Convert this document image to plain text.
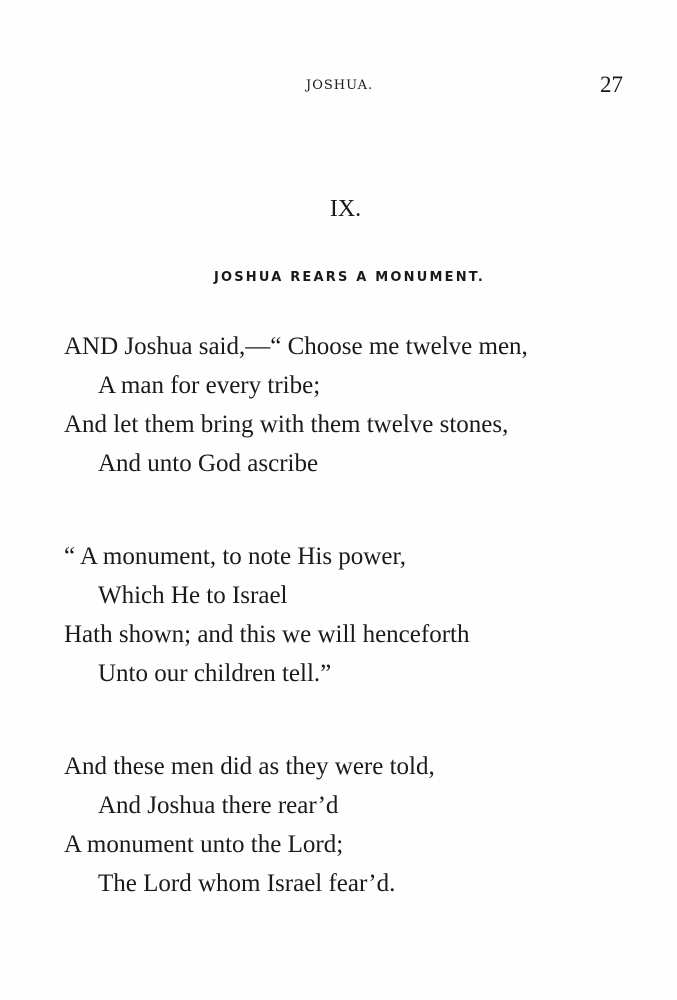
JOSHUA.	27
IX.
JOSHUA REARS A MONUMENT.
AND Joshua said,—“ Choose me twelve men,
A man for every tribe;
And let them bring with them twelve stones,
And unto God ascribe
“ A monument, to note His power,
Which He to Israel
Hath shown; and this we will henceforth
Unto our children tell.”
And these men did as they were told,
And Joshua there rear’d
A monument unto the Lord;
The Lord whom Israel fear’d.
